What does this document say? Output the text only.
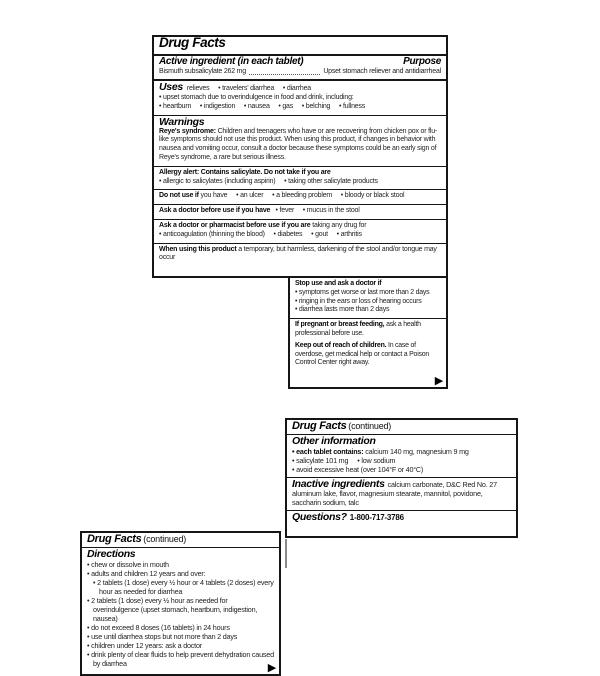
Drug Facts
Active ingredient (in each tablet)	Purpose
Bismuth subsalicylate 262 mg	Upset stomach reliever and antidiarrheal
Uses relieves     • travelers' diarrhea     • diarrhea
• upset stomach due to overindulgence in food and drink, including:
• heartburn     • indigestion     • nausea     • gas     • belching     • fullness
Warnings
Reye's syndrome: Children and teenagers who have or are recovering from chicken pox or flu-like symptoms should not use this product. When using this product, if changes in behavior with nausea and vomiting occur, consult a doctor because these symptoms could be an early sign of Reye's syndrome, a rare but serious illness.
Allergy alert: Contains salicylate. Do not take if you are
• allergic to salicylates (including aspirin)     • taking other salicylate products
Do not use if you have     • an ulcer     • a bleeding problem     • bloody or black stool
Ask a doctor before use if you have • fever     • mucus in the stool
Ask a doctor or pharmacist before use if you are taking any drug for
• anticoagulation (thinning the blood)     • diabetes     • gout     • arthritis
When using this product a temporary, but harmless, darkening of the stool and/or tongue may occur
Stop use and ask a doctor if
• symptoms get worse or last more than 2 days
• ringing in the ears or loss of hearing occurs
• diarrhea lasts more than 2 days
If pregnant or breast feeding, ask a health professional before use.
Keep out of reach of children. In case of overdose, get medical help or contact a Poison Control Center right away.
▶
Drug Facts (continued)
Directions
• chew or dissolve in mouth
• adults and children 12 years and over:
• 2 tablets (1 dose) every ½ hour or 4 tablets (2 doses) every hour as needed for diarrhea
• 2 tablets (1 dose) every ½ hour as needed for overindulgence (upset stomach, heartburn, indigestion, nausea)
• do not exceed 8 doses (16 tablets) in 24 hours
• use until diarrhea stops but not more than 2 days
• children under 12 years: ask a doctor
• drink plenty of clear fluids to help prevent dehydration caused by diarrhea	▶
Drug Facts (continued)
Other information
• each tablet contains: calcium 140 mg, magnesium 9 mg
• salicylate 101 mg     • low sodium
• avoid excessive heat (over 104°F or 40°C)
Inactive ingredients calcium carbonate, D&C Red No. 27 aluminum lake, flavor, magnesium stearate, mannitol, povidone, saccharin sodium, talc
Questions? 1-800-717-3786
